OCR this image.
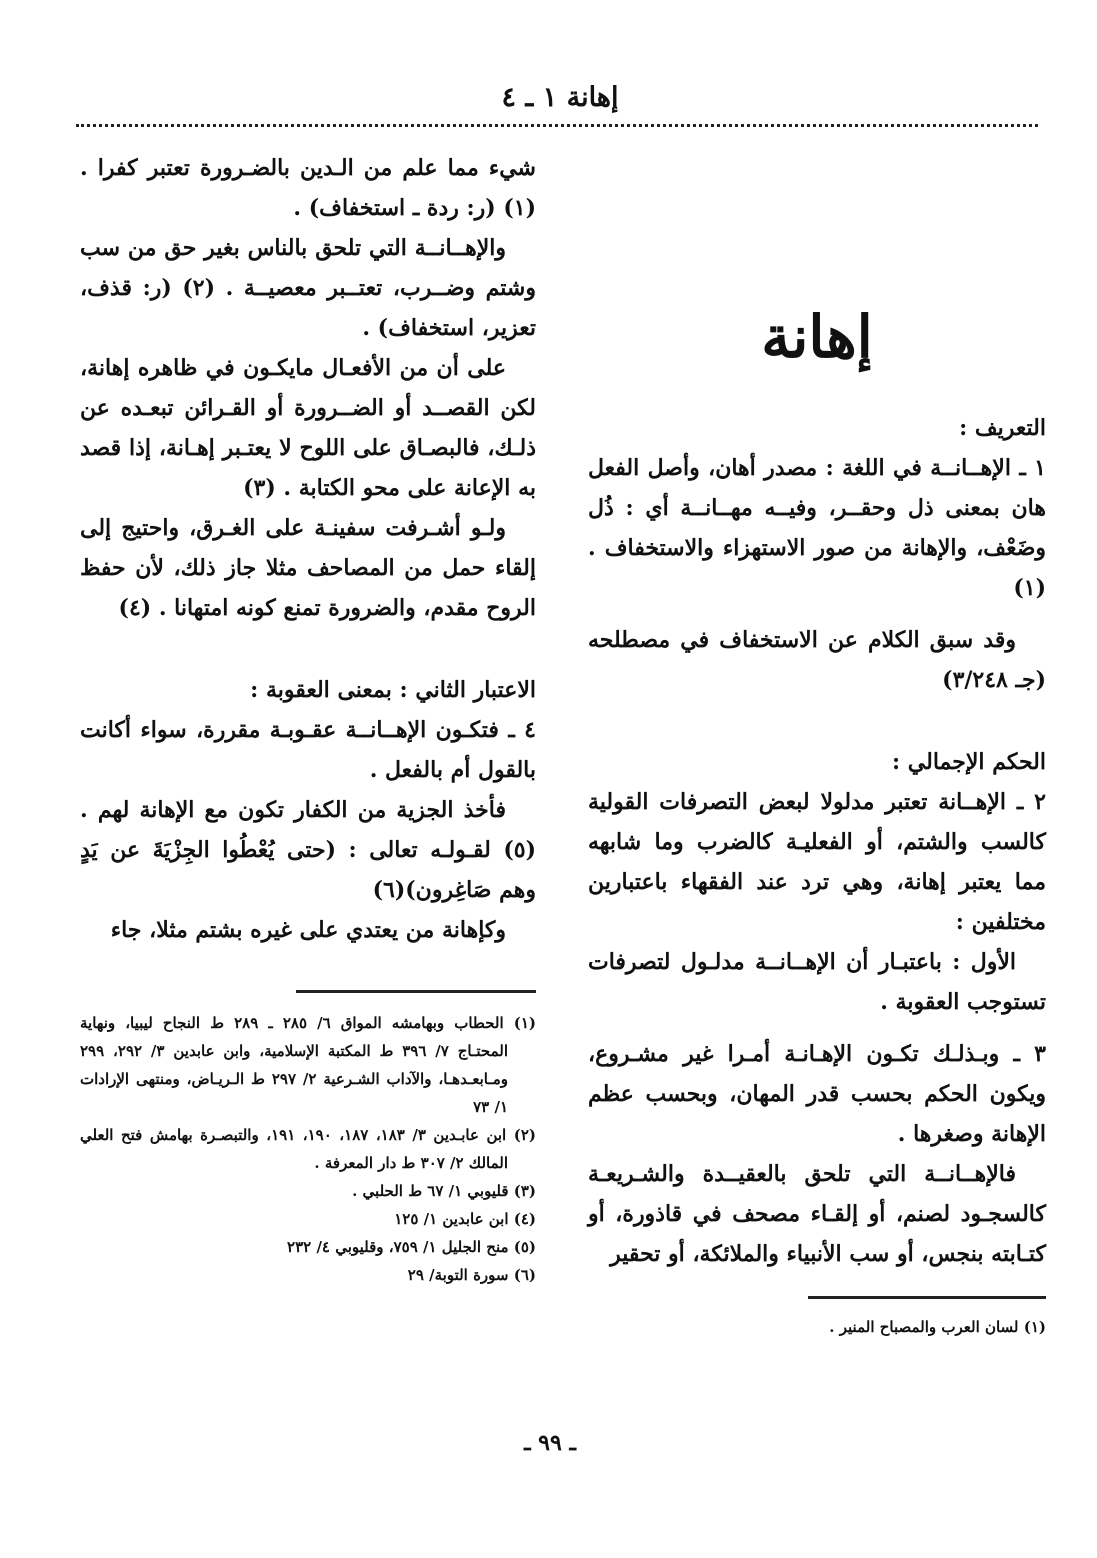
إهانة ١ ـ ٤
إهانة

التعريف :

١ ـ الإهــانــة في اللغة : مصدر أهان، وأصل الفعل هان بمعنى ذل وحقــر، وفيــه مهــانــة أي : ذُل وضَعْف، والإهانة من صور الاستهزاء والاستخفاف . (١)

وقد سبق الكلام عن الاستخفاف في مصطلحه (جـ ٣/٢٤٨)

الحكم الإجمالي :

٢ ـ الإهــانة تعتبر مدلولا لبعض التصرفات القولية كالسب والشتم، أو الفعليـة كالضرب وما شابهه مما يعتبر إهانة، وهي ترد عند الفقهاء باعتبارين مختلفين :

الأول : باعتبـار أن الإهــانــة مدلـول لتصرفات تستوجب العقوبة .

٣ ـ وبـذلـك تكـون الإهـانـة أمـرا غير مشـروع، ويكون الحكم بحسب قدر المهان، وبحسب عظم الإهانة وصغرها .

فالإهــانــة التي تلحق بالعقيــدة والشـريعـة كالسجـود لصنم، أو إلقـاء مصحف في قاذورة، أو كتـابته بنجس، أو سب الأنبياء والملائكة، أو تحقير

(١) لسان العرب والمصباح المنير .

شيء مما علم من الـدين بالضـرورة تعتبر كفرا . (١) (ر: ردة ـ استخفاف) .

والإهــانــة التي تلحق بالناس بغير حق من سب وشتم وضــرب، تعتــبر معصيــة . (٢) (ر: قذف، تعزير، استخفاف) .

على أن من الأفعـال مايكـون في ظاهره إهانة، لكن القصــد أو الضــرورة أو القـرائن تبعـده عن ذلـك، فالبصـاق على اللوح لا يعتـبر إهـانة، إذا قصد به الإعانة على محو الكتابة . (٣)

ولـو أشـرفت سفينـة على الغـرق، واحتيج إلى إلقاء حمل من المصاحف مثلا جاز ذلك، لأن حفظ الروح مقدم، والضرورة تمنع كونه امتهانا . (٤)

الاعتبار الثاني : بمعنى العقوبة :

٤ ـ فتكـون الإهــانــة عقـوبـة مقررة، سواء أكانت بالقول أم بالفعل .

فأخذ الجزية من الكفار تكون مع الإهانة لهم . (٥) لقـولـه تعالى : (حتى يُعْطُوا الجِزْيَةَ عن يَدٍ وهم صَاغِرون)(٦)

وكإهانة من يعتدي على غيره بشتم مثلا، جاء

(١) الحطاب وبهامشه المواق ٦/ ٢٨٥ ـ ٢٨٩ ط النجاح ليبيا، ونهاية المحتـاج ٧/ ٣٩٦ ط المكتبة الإسلامية، وابن عابدين ٣/ ٢٩٢، ٢٩٩ ومـابعـدهـا، والآداب الشـرعية ٢/ ٢٩٧ ط الـريـاض، ومنتهى الإرادات ١/ ٧٣

(٢) ابن عابـدين ٣/ ١٨٣، ١٨٧، ١٩٠، ١٩١، والتبصـرة بهامش فتح العلي المالك ٢/ ٣٠٧ ط دار المعرفة .

(٣) قليوبي ١/ ٦٧ ط الحلبي .

(٤) ابن عابدين ١/ ١٢٥

(٥) منح الجليل ١/ ٧٥٩، وقليوبي ٤/ ٢٣٢

(٦) سورة التوبة/ ٢٩

ـ ٩٩ ـ
